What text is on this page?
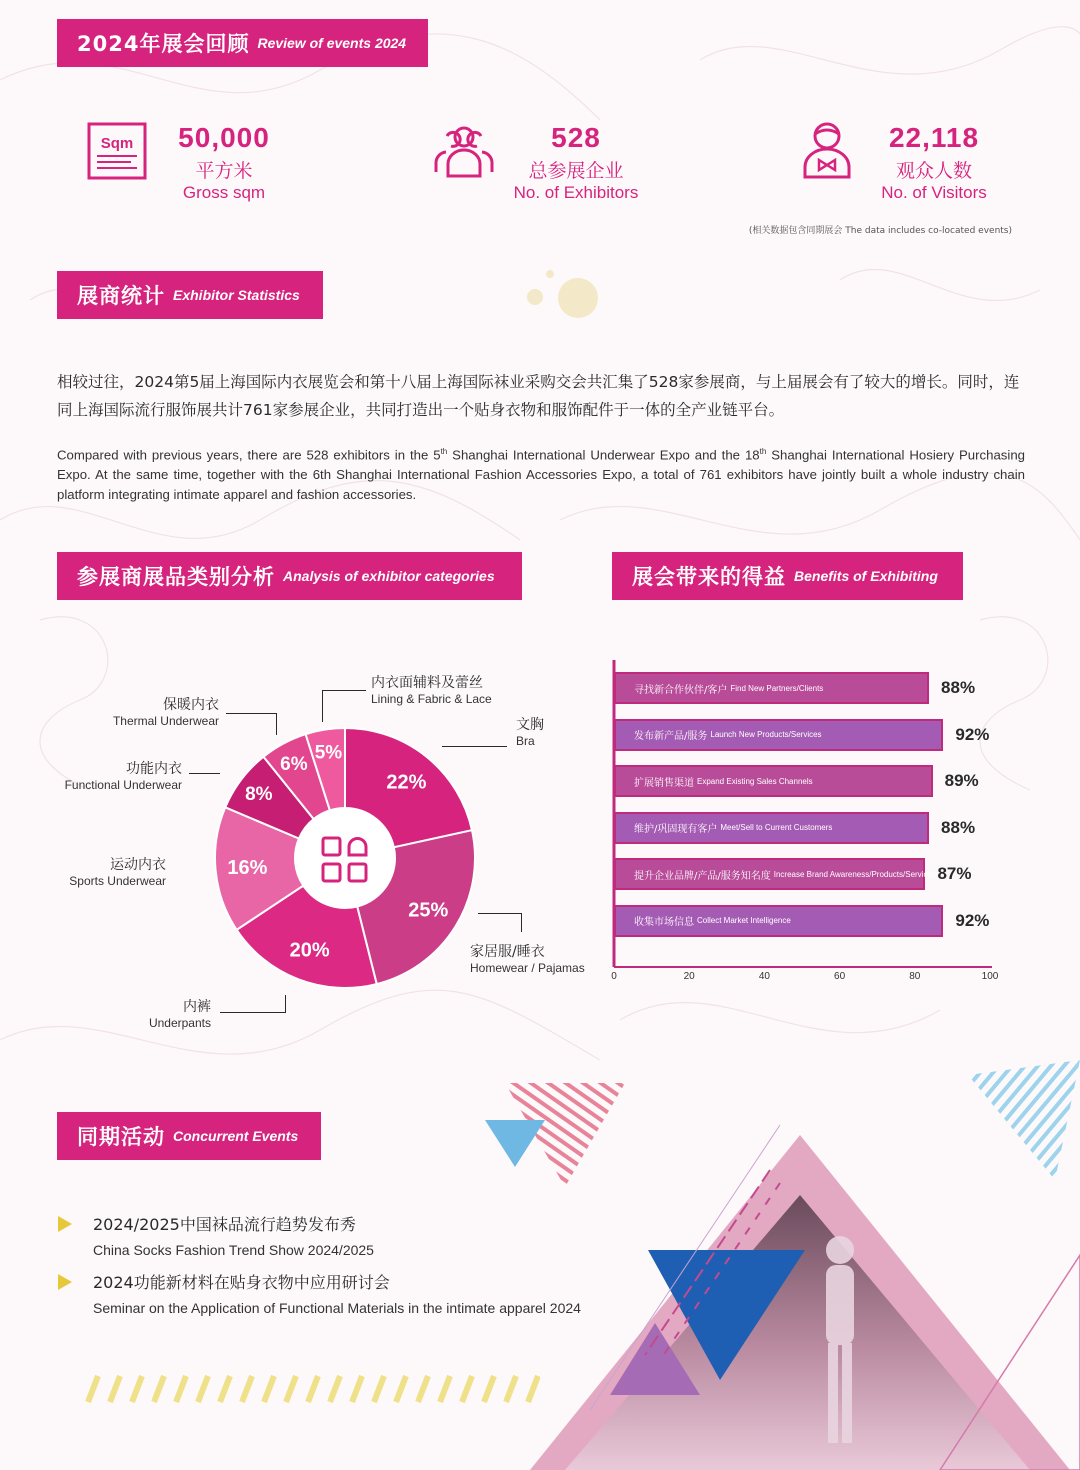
2024年展会回顾 Review of events 2024
Sqm	50,000
平方米
Gross sqm
528
总参展企业
No. of Exhibitors
22,118
观众人数
No. of Visitors
(相关数据包含同期展会 The data includes co-located events)
展商统计 Exhibitor Statistics
相较过往，2024第5届上海国际内衣展览会和第十八届上海国际袜业采购交会共汇集了528家参展商，与上届展会有了较大的增长。同时，连同上海国际流行服饰展共计761家参展企业，共同打造出一个贴身衣物和服饰配件于一体的全产业链平台。
Compared with previous years, there are 528 exhibitors in the 5th Shanghai International Underwear Expo and the 18th Shanghai International Hosiery Purchasing Expo. At the same time, together with the 6th Shanghai International Fashion Accessories Expo, a total of 761 exhibitors have jointly built a whole industry chain platform integrating intimate apparel and fashion accessories.
参展商展品类别分析 Analysis of exhibitor categories	展会带来的得益 Benefits of Exhibiting
22%
25%
20%
16%
8%
6%
5%
内衣面辅料及蕾丝
Lining & Fabric & Lace
保暖内衣
Thermal Underwear	文胸
Bra
功能内衣
Functional Underwear
运动内衣
Sports Underwear
家居服/睡衣
Homewear / Pajamas
内裤
Underpants
寻找新合作伙伴/客户 Find New Partners/Clients	88%
发布新产品/服务 Launch New Products/Services	92%
扩展销售渠道 Expand Existing Sales Channels	89%
维护/巩固现有客户 Meet/Sell to Current Customers	88%
提升企业品牌/产品/服务知名度 Increase Brand Awareness/Products/Services 87%
收集市场信息 Collect Market Intelligence	92%
0	20	40	60	80	100
同期活动 Concurrent Events
2024/2025中国袜品流行趋势发布秀
China Socks Fashion Trend Show 2024/2025
2024功能新材料在贴身衣物中应用研讨会
Seminar on the Application of Functional Materials in the intimate apparel 2024
